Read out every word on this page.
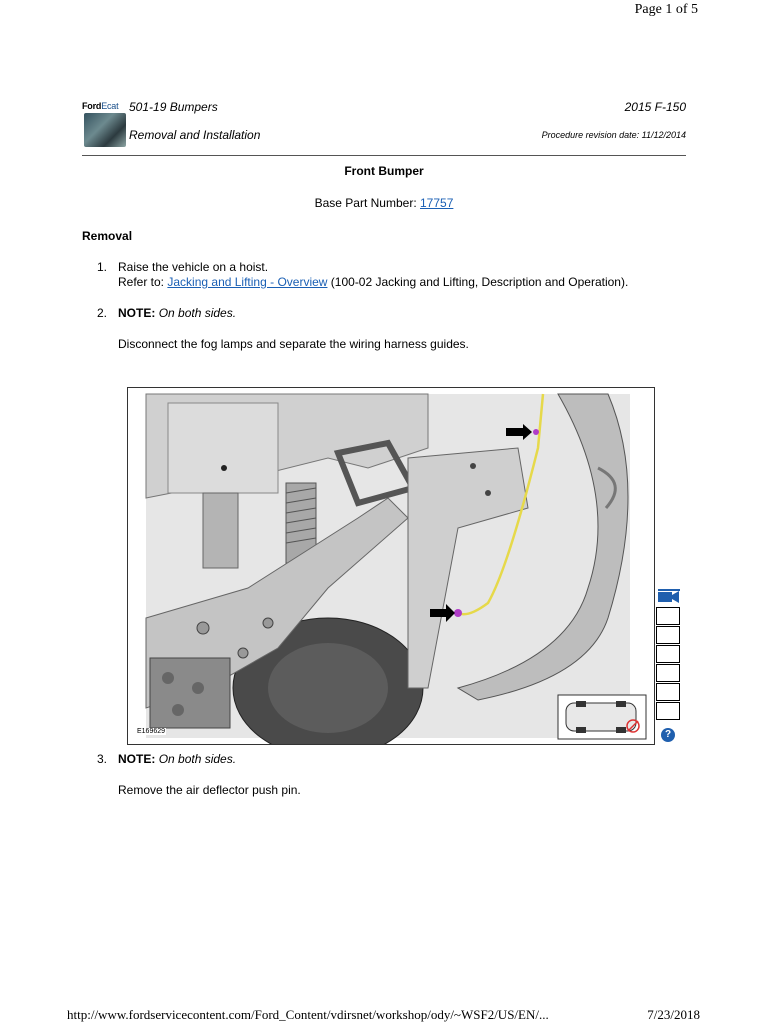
Page 1 of 5
FordEcat 501-19 Bumpers
Removal and Installation
2015 F-150
Procedure revision date: 11/12/2014
Front Bumper
Base Part Number: 17757
Removal
1. Raise the vehicle on a hoist.
Refer to: Jacking and Lifting - Overview (100-02 Jacking and Lifting, Description and Operation).
2. NOTE: On both sides.
Disconnect the fog lamps and separate the wiring harness guides.
E169629	?
3. NOTE: On both sides.
Remove the air deflector push pin.
http://www.fordservicecontent.com/Ford_Content/vdirsnet/workshop/ody/~WSF2/US/EN/...	7/23/2018
